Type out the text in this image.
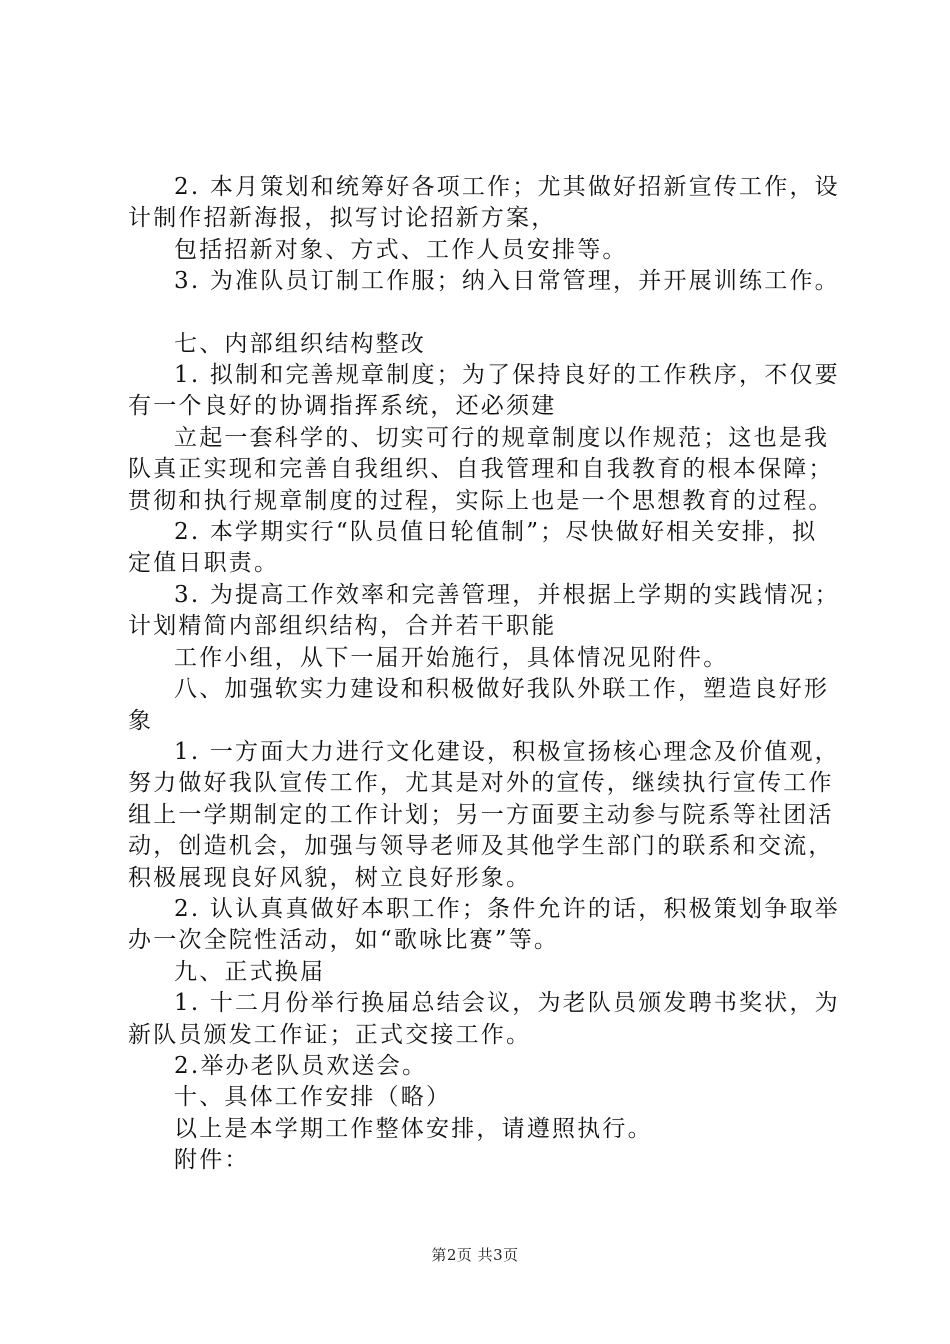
2. 本月策划和统筹好各项工作；尤其做好招新宣传工作，设计制作招新海报，拟写讨论招新方案，

包括招新对象、方式、工作人员安排等。

3. 为准队员订制工作服；纳入日常管理，并开展训练工作。

七、内部组织结构整改

1. 拟制和完善规章制度；为了保持良好的工作秩序，不仅要有一个良好的协调指挥系统，还必须建

立起一套科学的、切实可行的规章制度以作规范；这也是我队真正实现和完善自我组织、自我管理和自我教育的根本保障；贯彻和执行规章制度的过程，实际上也是一个思想教育的过程。

2. 本学期实行“队员值日轮值制”；尽快做好相关安排，拟定值日职责。

3. 为提高工作效率和完善管理，并根据上学期的实践情况；计划精简内部组织结构，合并若干职能

工作小组，从下一届开始施行，具体情况见附件。

八、加强软实力建设和积极做好我队外联工作，塑造良好形象

1. 一方面大力进行文化建设，积极宣扬核心理念及价值观，努力做好我队宣传工作，尤其是对外的宣传，继续执行宣传工作组上一学期制定的工作计划；另一方面要主动参与院系等社团活动，创造机会，加强与领导老师及其他学生部门的联系和交流，积极展现良好风貌，树立良好形象。

2. 认认真真做好本职工作；条件允许的话，积极策划争取举办一次全院性活动，如“歌咏比赛”等。

九、正式换届

1. 十二月份举行换届总结会议，为老队员颁发聘书奖状，为新队员颁发工作证；正式交接工作。

2.举办老队员欢送会。

十、具体工作安排（略）

以上是本学期工作整体安排，请遵照执行。

附件：

第2页 共3页
